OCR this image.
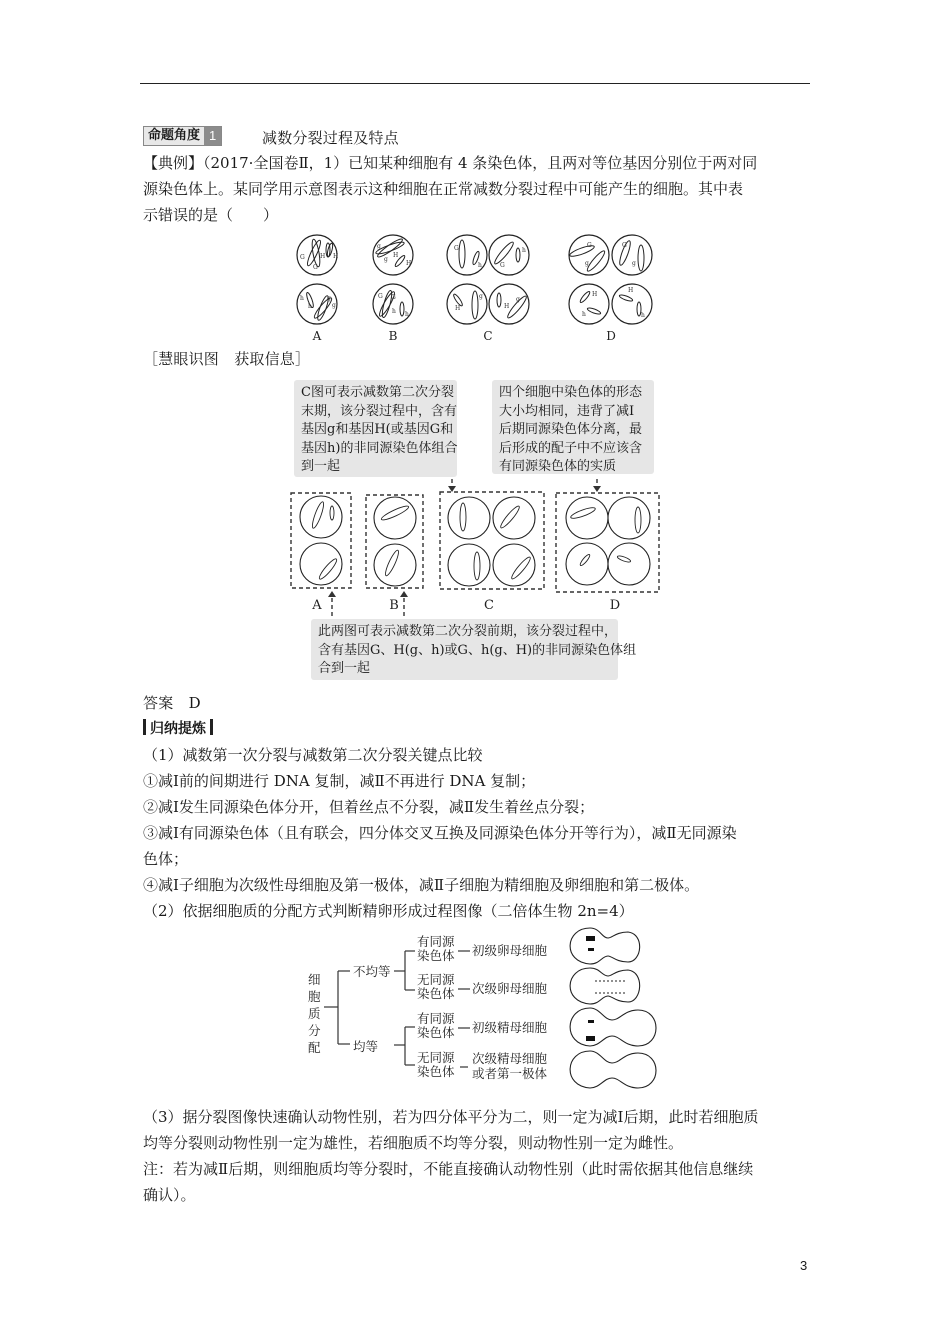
命题角度 1	减数分裂过程及特点
【典例】（2017·全国卷Ⅱ，1）已知某种细胞有 4 条染色体，且两对等位基因分别位于两对同
源染色体上。某同学用示意图表示这种细胞在正常减数分裂过程中可能产生的细胞。其中表
示错误的是（　　）
G	H
G
H
h
h
g
g
g
g
H
H
G G
h h
G
h	G
h
H
g
H
g
G
g
G
g
H
h
H
h
A	B	C	D
［慧眼识图　获取信息］
C图可表示减数第二次分裂
末期，该分裂过程中，含有
基因g和基因H(或基因G和
基因h)的非同源染色体组合
到一起
四个细胞中染色体的形态
大小均相同，违背了减Ⅰ
后期同源染色体分离，最
后形成的配子中不应该含
有同源染色体的实质
A	B	C	D
此两图可表示减数第二次分裂前期，该分裂过程中，
含有基因G、H(g、h)或G、h(g、H)的非同源染色体组
合到一起
答案  D
归纳提炼
（1）减数第一次分裂与减数第二次分裂关键点比较
①减Ⅰ前的间期进行 DNA 复制，减Ⅱ不再进行 DNA 复制；
②减Ⅰ发生同源染色体分开，但着丝点不分裂，减Ⅱ发生着丝点分裂；
③减Ⅰ有同源染色体（且有联会，四分体交叉互换及同源染色体分开等行为），减Ⅱ无同源染
色体；
④减Ⅰ子细胞为次级性母细胞及第一极体，减Ⅱ子细胞为精细胞及卵细胞和第二极体。
（2）依据细胞质的分配方式判断精卵形成过程图像（二倍体生物 2n=4）
细
胞
质
分
配
不均等
均等
有同源
染色体
无同源
染色体
有同源
染色体
无同源
染色体
初级卵母细胞
次级卵母细胞
初级精母细胞
次级精母细胞
或者第一极体
（3）据分裂图像快速确认动物性别，若为四分体平分为二，则一定为减Ⅰ后期，此时若细胞质
均等分裂则动物性别一定为雄性，若细胞质不均等分裂，则动物性别一定为雌性。
注：若为减Ⅱ后期，则细胞质均等分裂时，不能直接确认动物性别（此时需依据其他信息继续
确认）。
3
